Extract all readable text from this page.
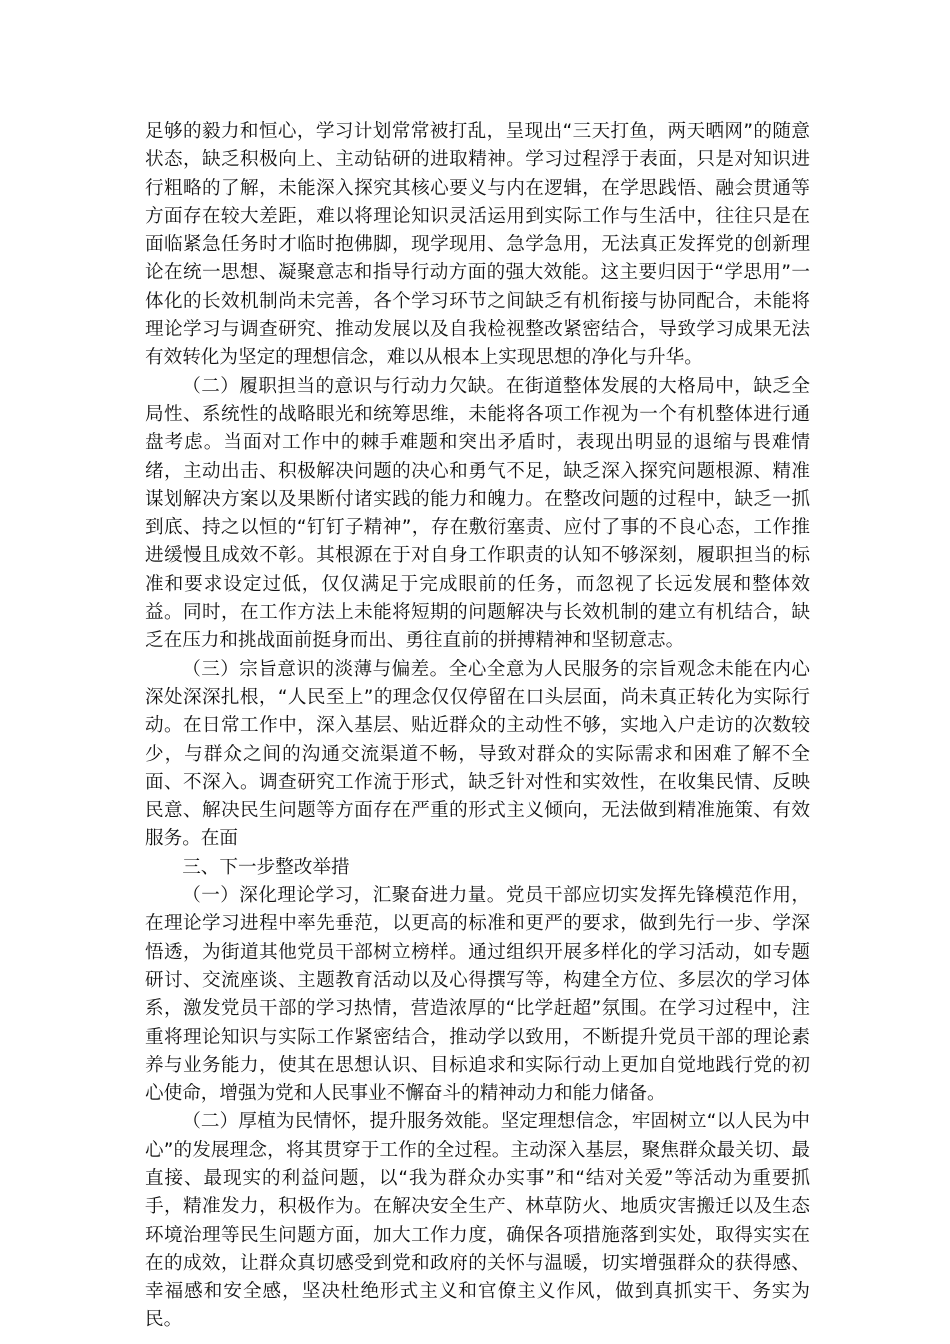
足够的毅力和恒心，学习计划常常被打乱，呈现出“三天打鱼，两天晒网”的随意状态，缺乏积极向上、主动钻研的进取精神。学习过程浮于表面，只是对知识进行粗略的了解，未能深入探究其核心要义与内在逻辑，在学思践悟、融会贯通等方面存在较大差距，难以将理论知识灵活运用到实际工作与生活中，往往只是在面临紧急任务时才临时抱佛脚，现学现用、急学急用，无法真正发挥党的创新理论在统一思想、凝聚意志和指导行动方面的强大效能。这主要归因于“学思用”一体化的长效机制尚未完善，各个学习环节之间缺乏有机衔接与协同配合，未能将理论学习与调查研究、推动发展以及自我检视整改紧密结合，导致学习成果无法有效转化为坚定的理想信念，难以从根本上实现思想的净化与升华。

（二）履职担当的意识与行动力欠缺。在街道整体发展的大格局中，缺乏全局性、系统性的战略眼光和统筹思维，未能将各项工作视为一个有机整体进行通盘考虑。当面对工作中的棘手难题和突出矛盾时，表现出明显的退缩与畏难情绪，主动出击、积极解决问题的决心和勇气不足，缺乏深入探究问题根源、精准谋划解决方案以及果断付诸实践的能力和魄力。在整改问题的过程中，缺乏一抓到底、持之以恒的“钉钉子精神”，存在敷衍塞责、应付了事的不良心态，工作推进缓慢且成效不彰。其根源在于对自身工作职责的认知不够深刻，履职担当的标准和要求设定过低，仅仅满足于完成眼前的任务，而忽视了长远发展和整体效益。同时，在工作方法上未能将短期的问题解决与长效机制的建立有机结合，缺乏在压力和挑战面前挺身而出、勇往直前的拼搏精神和坚韧意志。

（三）宗旨意识的淡薄与偏差。全心全意为人民服务的宗旨观念未能在内心深处深深扎根，“人民至上”的理念仅仅停留在口头层面，尚未真正转化为实际行动。在日常工作中，深入基层、贴近群众的主动性不够，实地入户走访的次数较少，与群众之间的沟通交流渠道不畅，导致对群众的实际需求和困难了解不全面、不深入。调查研究工作流于形式，缺乏针对性和实效性，在收集民情、反映民意、解决民生问题等方面存在严重的形式主义倾向，无法做到精准施策、有效服务。在面

三、下一步整改举措

（一）深化理论学习，汇聚奋进力量。党员干部应切实发挥先锋模范作用，在理论学习进程中率先垂范，以更高的标准和更严的要求，做到先行一步、学深悟透，为街道其他党员干部树立榜样。通过组织开展多样化的学习活动，如专题研讨、交流座谈、主题教育活动以及心得撰写等，构建全方位、多层次的学习体系，激发党员干部的学习热情，营造浓厚的“比学赶超”氛围。在学习过程中，注重将理论知识与实际工作紧密结合，推动学以致用，不断提升党员干部的理论素养与业务能力，使其在思想认识、目标追求和实际行动上更加自觉地践行党的初心使命，增强为党和人民事业不懈奋斗的精神动力和能力储备。

（二）厚植为民情怀，提升服务效能。坚定理想信念，牢固树立“以人民为中心”的发展理念，将其贯穿于工作的全过程。主动深入基层，聚焦群众最关切、最直接、最现实的利益问题，以“我为群众办实事”和“结对关爱”等活动为重要抓手，精准发力，积极作为。在解决安全生产、林草防火、地质灾害搬迁以及生态环境治理等民生问题方面，加大工作力度，确保各项措施落到实处，取得实实在在的成效，让群众真切感受到党和政府的关怀与温暖，切实增强群众的获得感、幸福感和安全感，坚决杜绝形式主义和官僚主义作风，做到真抓实干、务实为民。
